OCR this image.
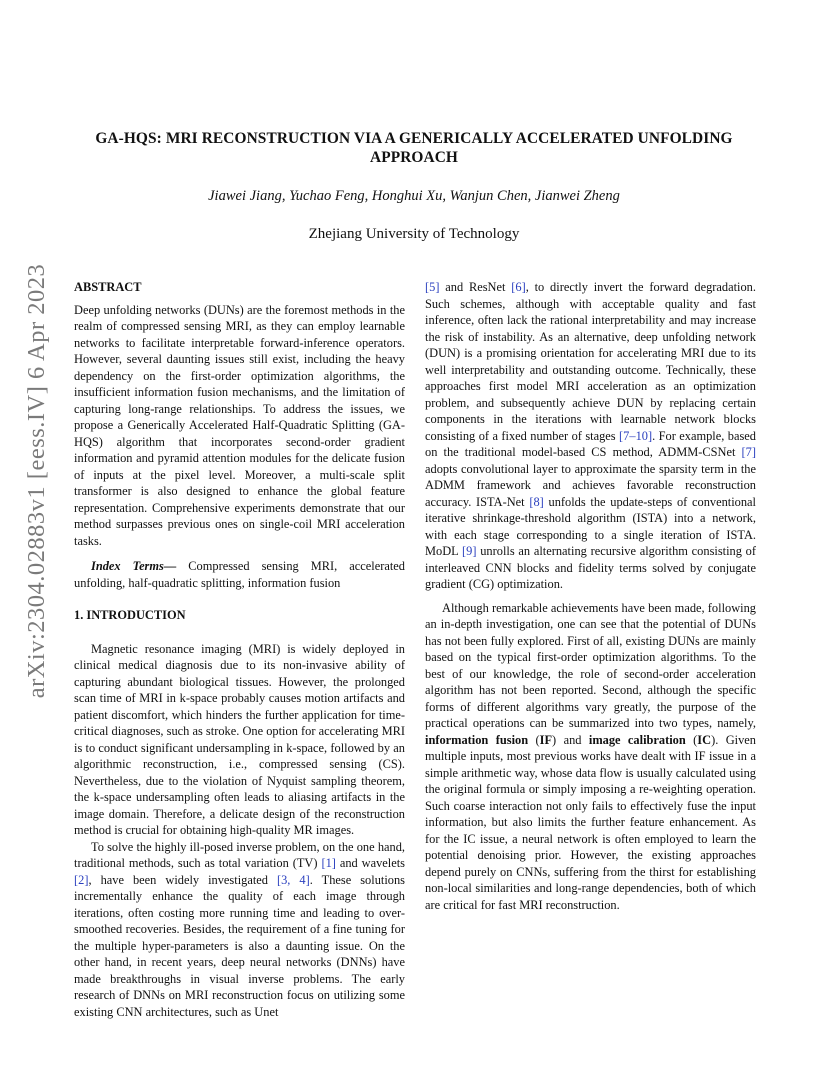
GA-HQS: MRI RECONSTRUCTION VIA A GENERICALLY ACCELERATED UNFOLDING
APPROACH
Jiawei Jiang, Yuchao Feng, Honghui Xu, Wanjun Chen, Jianwei Zheng
Zhejiang University of Technology
arXiv:2304.02883v1 [eess.IV] 6 Apr 2023 ABSTRACT

Deep unfolding networks (DUNs) are the foremost methods in the realm of compressed sensing MRI, as they can employ learnable networks to facilitate interpretable forward-inference operators. However, several daunting issues still exist, including the heavy dependency on the first-order optimization algorithms, the insufficient information fusion mechanisms, and the limitation of capturing long-range relationships. To address the issues, we propose a Generically Accelerated Half-Quadratic Splitting (GA-HQS) algorithm that incorporates second-order gradient information and pyramid attention modules for the delicate fusion of inputs at the pixel level. Moreover, a multi-scale split transformer is also designed to enhance the global feature representation. Comprehensive experiments demonstrate that our method surpasses previous ones on single-coil MRI acceleration tasks.

Index Terms— Compressed sensing MRI, accelerated unfolding, half-quadratic splitting, information fusion

1. INTRODUCTION

Magnetic resonance imaging (MRI) is widely deployed in clinical medical diagnosis due to its non-invasive ability of capturing abundant biological tissues. However, the prolonged scan time of MRI in k-space probably causes motion artifacts and patient discomfort, which hinders the further application for time-critical diagnoses, such as stroke. One option for accelerating MRI is to conduct significant undersampling in k-space, followed by an algorithmic reconstruction, i.e., compressed sensing (CS). Nevertheless, due to the violation of Nyquist sampling theorem, the k-space undersampling often leads to aliasing artifacts in the image domain. Therefore, a delicate design of the reconstruction method is crucial for obtaining high-quality MR images.

To solve the highly ill-posed inverse problem, on the one hand, traditional methods, such as total variation (TV) [1] and wavelets [2], have been widely investigated [3, 4]. These solutions incrementally enhance the quality of each image through iterations, often costing more running time and leading to over-smoothed recoveries. Besides, the requirement of a fine tuning for the multiple hyper-parameters is also a daunting issue. On the other hand, in recent years, deep neural networks (DNNs) have made breakthroughs in visual inverse problems. The early research of DNNs on MRI reconstruction focus on utilizing some existing CNN architectures, such as Unet

[5] and ResNet [6], to directly invert the forward degradation. Such schemes, although with acceptable quality and fast inference, often lack the rational interpretability and may increase the risk of instability. As an alternative, deep unfolding network (DUN) is a promising orientation for accelerating MRI due to its well interpretability and outstanding outcome. Technically, these approaches first model MRI acceleration as an optimization problem, and subsequently achieve DUN by replacing certain components in the iterations with learnable network blocks consisting of a fixed number of stages [7–10]. For example, based on the traditional model-based CS method, ADMM-CSNet [7] adopts convolutional layer to approximate the sparsity term in the ADMM framework and achieves favorable reconstruction accuracy. ISTA-Net [8] unfolds the update-steps of conventional iterative shrinkage-threshold algorithm (ISTA) into a network, with each stage corresponding to a single iteration of ISTA. MoDL [9] unrolls an alternating recursive algorithm consisting of interleaved CNN blocks and fidelity terms solved by conjugate gradient (CG) optimization.

Although remarkable achievements have been made, following an in-depth investigation, one can see that the potential of DUNs has not been fully explored. First of all, existing DUNs are mainly based on the typical first-order optimization algorithms. To the best of our knowledge, the role of second-order acceleration algorithm has not been reported. Second, although the specific forms of different algorithms vary greatly, the purpose of the practical operations can be summarized into two types, namely, information fusion (IF) and image calibration (IC). Given multiple inputs, most previous works have dealt with IF issue in a simple arithmetic way, whose data flow is usually calculated using the original formula or simply imposing a re-weighting operation. Such coarse interaction not only fails to effectively fuse the input information, but also limits the further feature enhancement. As for the IC issue, a neural network is often employed to learn the potential denoising prior. However, the existing approaches depend purely on CNNs, suffering from the thirst for establishing non-local similarities and long-range dependencies, both of which are critical for fast MRI reconstruction.
